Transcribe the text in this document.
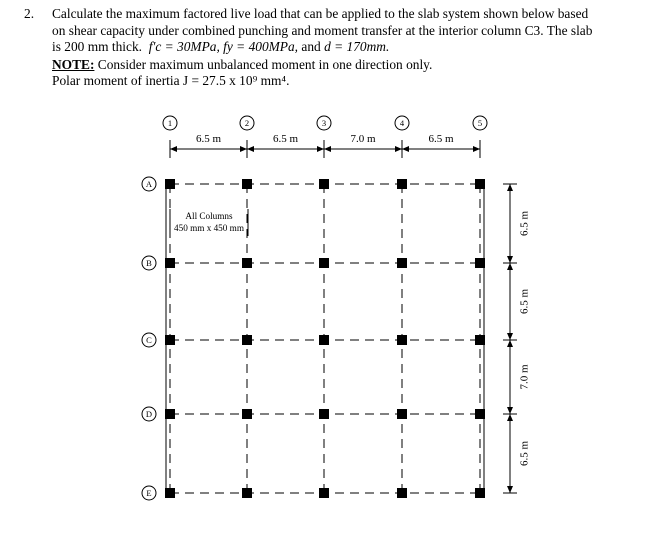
2. Calculate the maximum factored live load that can be applied to the slab system shown below based

on shear capacity under combined punching and moment transfer at the interior column C3. The slab

is 200 mm thick. f′c = 30MPa, fy = 400MPa, and d = 170mm.

NOTE: Consider maximum unbalanced moment in one direction only.

Polar moment of inertia J = 27.5 x 10⁹ mm⁴.

6.5 m	6.5 m	7.0 m	6.5 m
6.5 m
6.5 m
7.0 m
6.5 m
1	2	3	4	5
A
B
C
D
E
All Columns
450 mm x 450 mm
